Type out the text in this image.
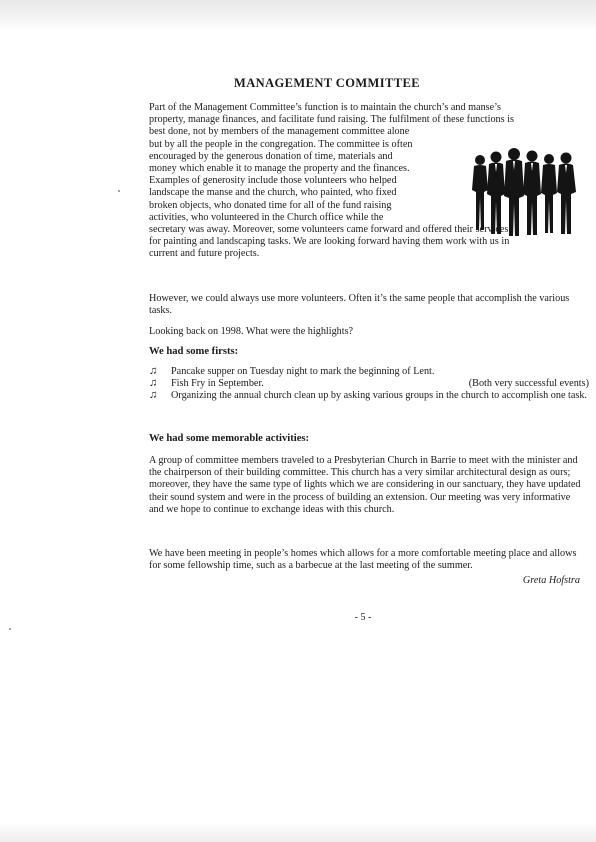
MANAGEMENT COMMITTEE
Part of the Management Committee’s function is to maintain the church’s and manse’s
property, manage finances, and facilitate fund raising. The fulfilment of these functions is
best done, not by members of the management committee alone
but by all the people in the congregation. The committee is often
encouraged by the generous donation of time, materials and
money which enable it to manage the property and the finances.
Examples of generosity include those volunteers who helped
landscape the manse and the church, who painted, who fixed
broken objects, who donated time for all of the fund raising
activities, who volunteered in the Church office while the
secretary was away. Moreover, some volunteers came forward and offered their services
for painting and landscaping tasks. We are looking forward having them work with us in
current and future projects.

However, we could always use more volunteers. Often it’s the same people that accomplish the various tasks.

Looking back on 1998. What were the highlights?

We had some firsts:
♫ Pancake supper on Tuesday night to mark the beginning of Lent.
♫ Fish Fry in September.	(Both very successful events)
♫ Organizing the annual church clean up by asking various groups in the church to accomplish one task.
We had some memorable activities:

A group of committee members traveled to a Presbyterian Church in Barrie to meet with the minister and the chairperson of their building committee. This church has a very similar architectural design as ours; moreover, they have the same type of lights which we are considering in our sanctuary, they have updated their sound system and were in the process of building an extension. Our meeting was very informative and we hope to continue to exchange ideas with this church.

We have been meeting in people’s homes which allows for a more comfortable meeting place and allows for some fellowship time, such as a barbecue at the last meeting of the summer.

Greta Hofstra
- 5 -
